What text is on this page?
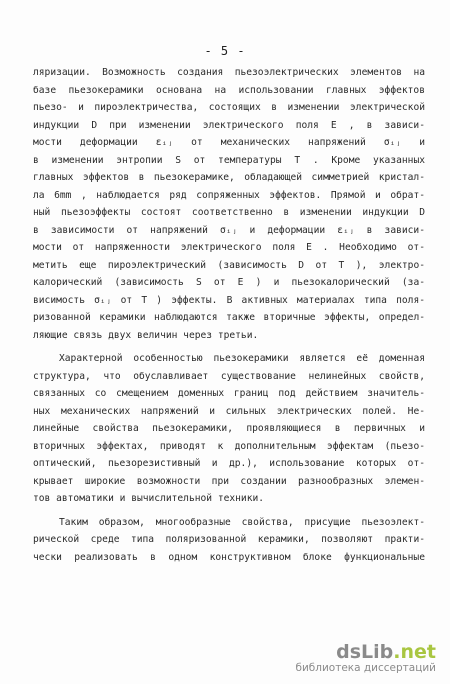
- 5 -
ляризации. Возможность создания пьезоэлектрических элементов на
базе пьезокерамики основана на использовании главных эффектов
пьезо- и пироэлектричества, состоящих в изменении электрической
индукции D при изменении электрического поля E , в зависи-
мости деформации εᵢⱼ от механических напряжений σᵢⱼ и
в изменении энтропии S от температуры T . Кроме указанных
главных эффектов в пьезокерамике, обладающей симметрией кристал-
ла 6mm , наблюдается ряд сопряженных эффектов. Прямой и обрат-
ный пьезоэффекты состоят соответственно в изменении индукции D
в зависимости от напряжений σᵢⱼ и деформации εᵢⱼ в зависи-
мости от напряженности электрического поля E . Необходимо от-
метить еще пироэлектрический (зависимость D от T ), электро-
калорический (зависимость S от E ) и пьезокалорический (за-
висимость σᵢⱼ от T ) эффекты. В активных материалах типа поля-
ризованной керамики наблюдаются также вторичные эффекты, определ-
ляющие связь двух величин через третьи.
Характерной особенностью пьезокерамики является её доменная
структура, что обуславливает существование нелинейных свойств,
связанных со смещением доменных границ под действием значитель-
ных механических напряжений и сильных электрических полей. Не-
линейные свойства пьезокерамики, проявляющиеся в первичных и
вторичных эффектах, приводят к дополнительным эффектам (пьезо-
оптический, пьезорезистивный и др.), использование которых от-
крывает широкие возможности при создании разнообразных элемен-
тов автоматики и вычислительной техники.
Таким образом, многообразные свойства, присущие пьезоэлект-
рической среде типа поляризованной керамики, позволяют практи-
чески реализовать в одном конструктивном блоке функциональные
dsLib.net
библиотека диссертаций
